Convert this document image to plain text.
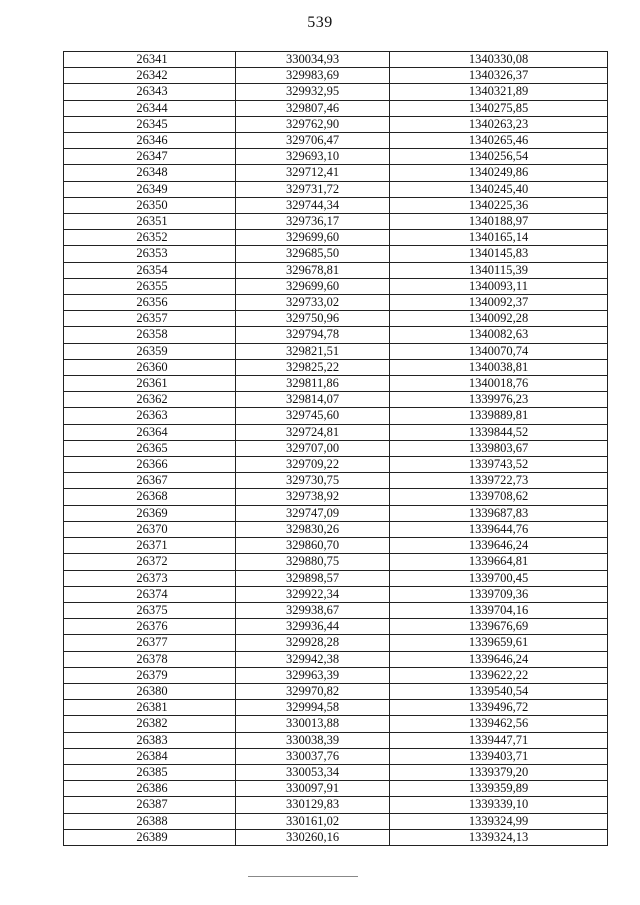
539
26341	330034,93	1340330,08
26342	329983,69	1340326,37
26343	329932,95	1340321,89
26344	329807,46	1340275,85
26345	329762,90	1340263,23
26346	329706,47	1340265,46
26347	329693,10	1340256,54
26348	329712,41	1340249,86
26349	329731,72	1340245,40
26350	329744,34	1340225,36
26351	329736,17	1340188,97
26352	329699,60	1340165,14
26353	329685,50	1340145,83
26354	329678,81	1340115,39
26355	329699,60	1340093,11
26356	329733,02	1340092,37
26357	329750,96	1340092,28
26358	329794,78	1340082,63
26359	329821,51	1340070,74
26360	329825,22	1340038,81
26361	329811,86	1340018,76
26362	329814,07	1339976,23
26363	329745,60	1339889,81
26364	329724,81	1339844,52
26365	329707,00	1339803,67
26366	329709,22	1339743,52
26367	329730,75	1339722,73
26368	329738,92	1339708,62
26369	329747,09	1339687,83
26370	329830,26	1339644,76
26371	329860,70	1339646,24
26372	329880,75	1339664,81
26373	329898,57	1339700,45
26374	329922,34	1339709,36
26375	329938,67	1339704,16
26376	329936,44	1339676,69
26377	329928,28	1339659,61
26378	329942,38	1339646,24
26379	329963,39	1339622,22
26380	329970,82	1339540,54
26381	329994,58	1339496,72
26382	330013,88	1339462,56
26383	330038,39	1339447,71
26384	330037,76	1339403,71
26385	330053,34	1339379,20
26386	330097,91	1339359,89
26387	330129,83	1339339,10
26388	330161,02	1339324,99
26389	330260,16	1339324,13
